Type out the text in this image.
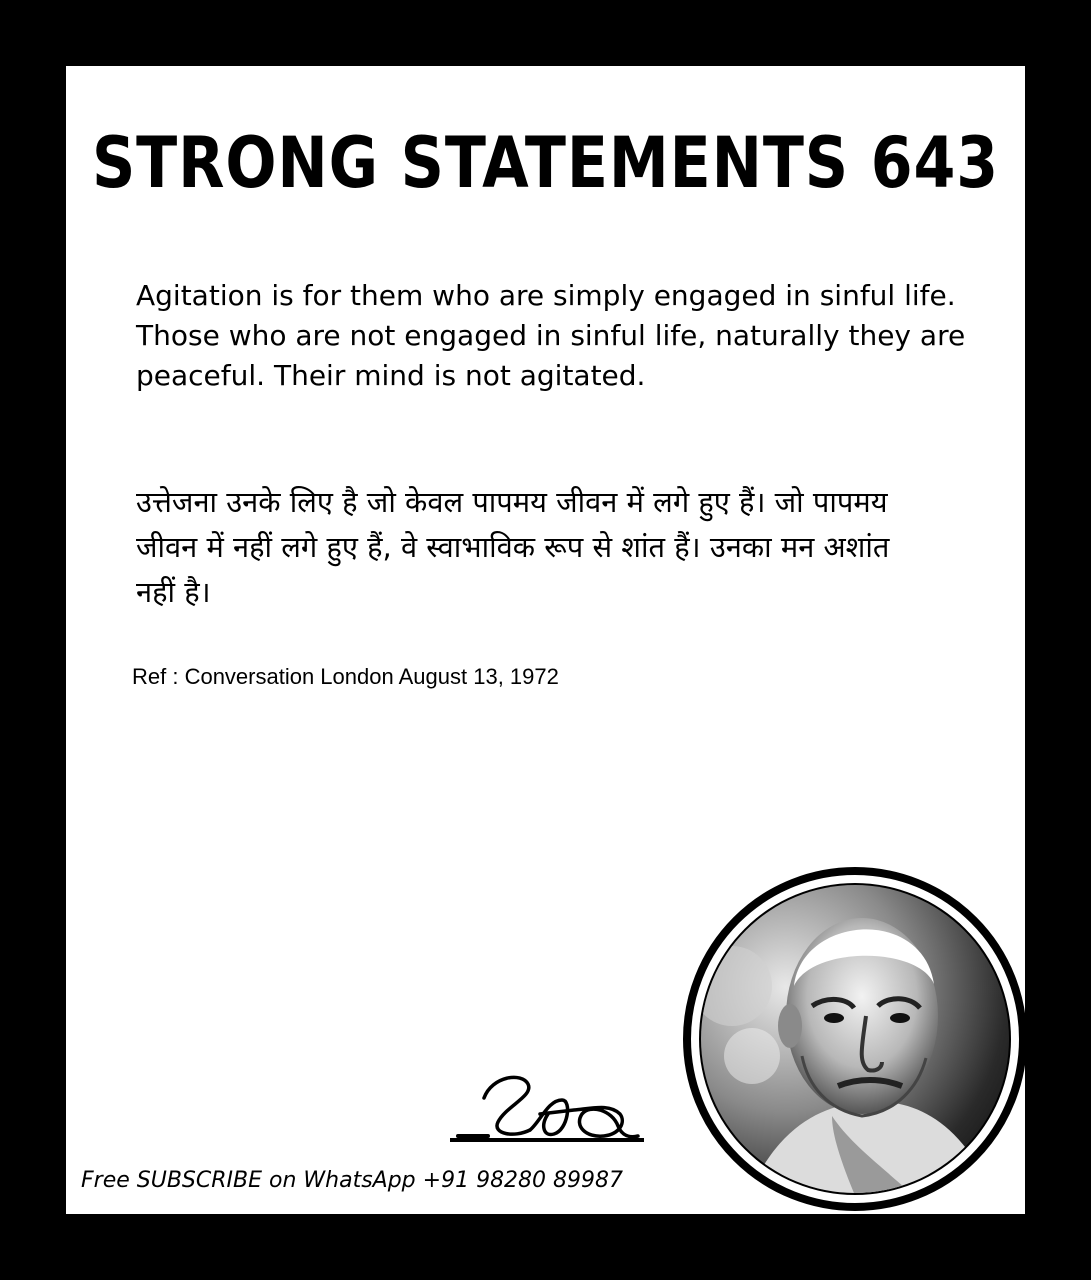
STRONG STATEMENTS 643

Agitation is for them who are simply engaged in sinful life. Those who are not engaged in sinful life, naturally they are peaceful. Their mind is not agitated.

उत्तेजना उनके लिए है जो केवल पापमय जीवन में लगे हुए हैं। जो पापमय जीवन में नहीं लगे हुए हैं, वे स्वाभाविक रूप से शांत हैं। उनका मन अशांत नहीं है।

Ref : Conversation London August 13, 1972
Free SUBSCRIBE on WhatsApp +91 98280 89987
